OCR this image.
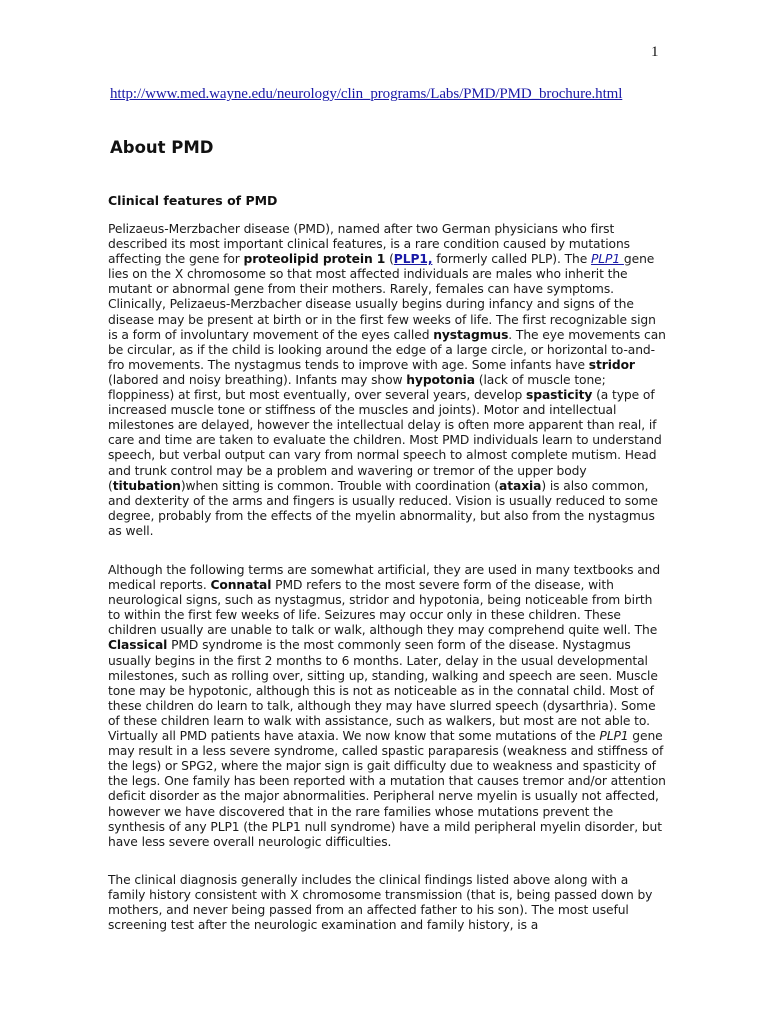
1
http://www.med.wayne.edu/neurology/clin_programs/Labs/PMD/PMD_brochure.html
About PMD
Clinical features of PMD

Pelizaeus-Merzbacher disease (PMD), named after two German physicians who first described its most important clinical features, is a rare condition caused by mutations affecting the gene for proteolipid protein 1 (PLP1, formerly called PLP). The PLP1 gene lies on the X chromosome so that most affected individuals are males who inherit the mutant or abnormal gene from their mothers. Rarely, females can have symptoms. Clinically, Pelizaeus-Merzbacher disease usually begins during infancy and signs of the disease may be present at birth or in the first few weeks of life. The first recognizable sign is a form of involuntary movement of the eyes called nystagmus. The eye movements can be circular, as if the child is looking around the edge of a large circle, or horizontal to-and-fro movements. The nystagmus tends to improve with age. Some infants have stridor (labored and noisy breathing). Infants may show hypotonia (lack of muscle tone; floppiness) at first, but most eventually, over several years, develop spasticity (a type of increased muscle tone or stiffness of the muscles and joints). Motor and intellectual milestones are delayed, however the intellectual delay is often more apparent than real, if care and time are taken to evaluate the children. Most PMD individuals learn to understand speech, but verbal output can vary from normal speech to almost complete mutism. Head and trunk control may be a problem and wavering or tremor of the upper body (titubation)when sitting is common. Trouble with coordination (ataxia) is also common, and dexterity of the arms and fingers is usually reduced. Vision is usually reduced to some degree, probably from the effects of the myelin abnormality, but also from the nystagmus as well.

Although the following terms are somewhat artificial, they are used in many textbooks and medical reports. Connatal PMD refers to the most severe form of the disease, with neurological signs, such as nystagmus, stridor and hypotonia, being noticeable from birth to within the first few weeks of life. Seizures may occur only in these children. These children usually are unable to talk or walk, although they may comprehend quite well. The Classical PMD syndrome is the most commonly seen form of the disease. Nystagmus usually begins in the first 2 months to 6 months. Later, delay in the usual developmental milestones, such as rolling over, sitting up, standing, walking and speech are seen. Muscle tone may be hypotonic, although this is not as noticeable as in the connatal child. Most of these children do learn to talk, although they may have slurred speech (dysarthria). Some of these children learn to walk with assistance, such as walkers, but most are not able to. Virtually all PMD patients have ataxia. We now know that some mutations of the PLP1 gene may result in a less severe syndrome, called spastic paraparesis (weakness and stiffness of the legs) or SPG2, where the major sign is gait difficulty due to weakness and spasticity of the legs. One family has been reported with a mutation that causes tremor and/or attention deficit disorder as the major abnormalities. Peripheral nerve myelin is usually not affected, however we have discovered that in the rare families whose mutations prevent the synthesis of any PLP1 (the PLP1 null syndrome) have a mild peripheral myelin disorder, but have less severe overall neurologic difficulties.

The clinical diagnosis generally includes the clinical findings listed above along with a family history consistent with X chromosome transmission (that is, being passed down by mothers, and never being passed from an affected father to his son). The most useful screening test after the neurologic examination and family history, is a
